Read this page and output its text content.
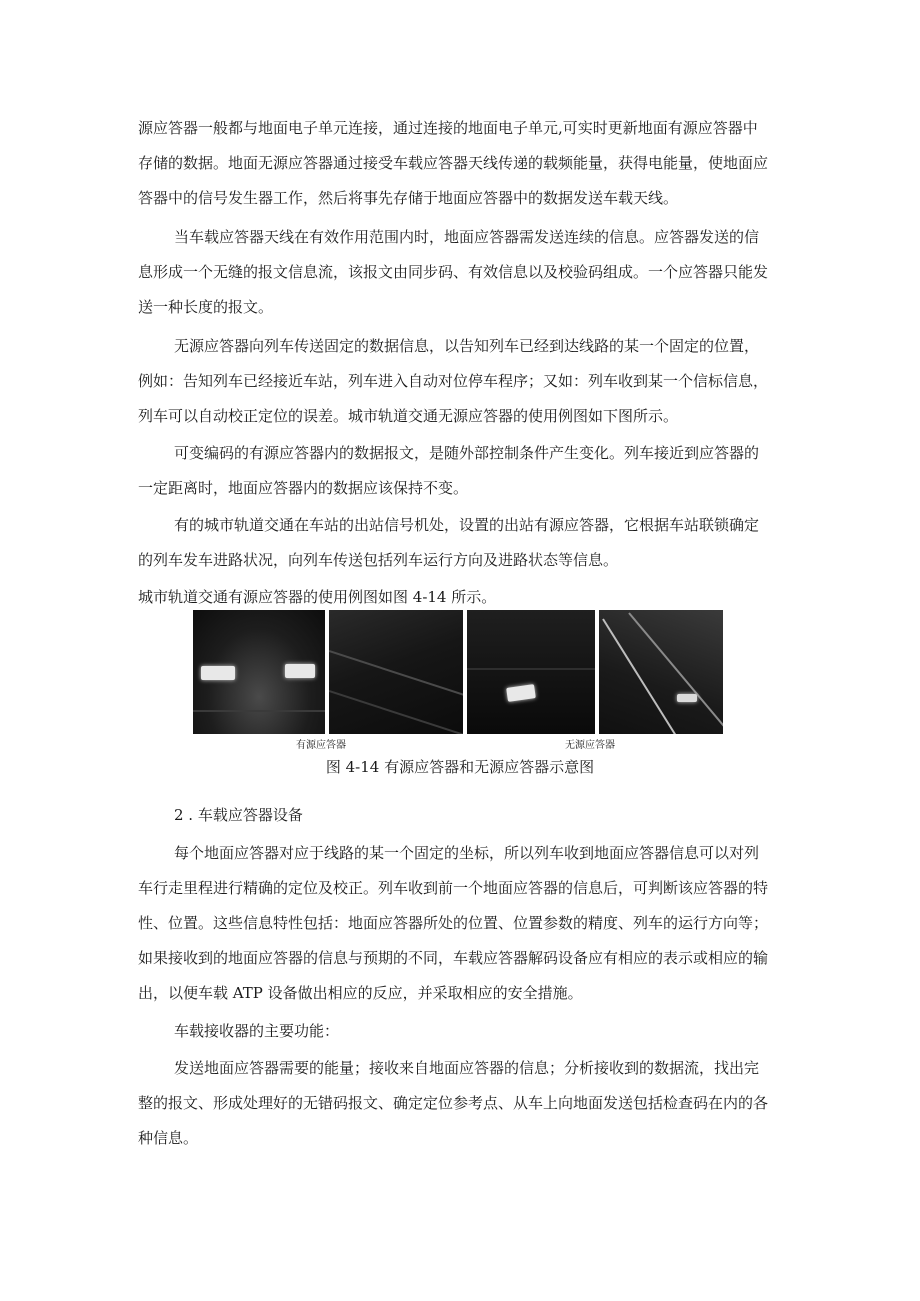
源应答器一般都与地面电子单元连接，通过连接的地面电子单元,可实时更新地面有源应答器中
存储的数据。地面无源应答器通过接受车载应答器天线传递的载频能量，获得电能量，使地面应
答器中的信号发生器工作，然后将事先存储于地面应答器中的数据发送车载天线。
当车载应答器天线在有效作用范围内时，地面应答器需发送连续的信息。应答器发送的信
息形成一个无缝的报文信息流，该报文由同步码、有效信息以及校验码组成。一个应答器只能发
送一种长度的报文。
无源应答器向列车传送固定的数据信息，以告知列车已经到达线路的某一个固定的位置，
例如：告知列车已经接近车站，列车进入自动对位停车程序；又如：列车收到某一个信标信息，
列车可以自动校正定位的误差。城市轨道交通无源应答器的使用例图如下图所示。
可变编码的有源应答器内的数据报文，是随外部控制条件产生变化。列车接近到应答器的
一定距离时，地面应答器内的数据应该保持不变。
有的城市轨道交通在车站的出站信号机处，设置的出站有源应答器，它根据车站联锁确定
的列车发车进路状况，向列车传送包括列车运行方向及进路状态等信息。
城市轨道交通有源应答器的使用例图如图 4-14 所示。
有源应答器	无源应答器
图 4-14 有源应答器和无源应答器示意图
2 . 车载应答器设备
每个地面应答器对应于线路的某一个固定的坐标，所以列车收到地面应答器信息可以对列
车行走里程进行精确的定位及校正。列车收到前一个地面应答器的信息后，可判断该应答器的特
性、位置。这些信息特性包括：地面应答器所处的位置、位置参数的精度、列车的运行方向等；
如果接收到的地面应答器的信息与预期的不同，车载应答器解码设备应有相应的表示或相应的输
出，以便车载 ATP 设备做出相应的反应，并采取相应的安全措施。
车载接收器的主要功能：
发送地面应答器需要的能量；接收来自地面应答器的信息；分析接收到的数据流，找出完
整的报文、形成处理好的无错码报文、确定定位参考点、从车上向地面发送包括检查码在内的各
种信息。
